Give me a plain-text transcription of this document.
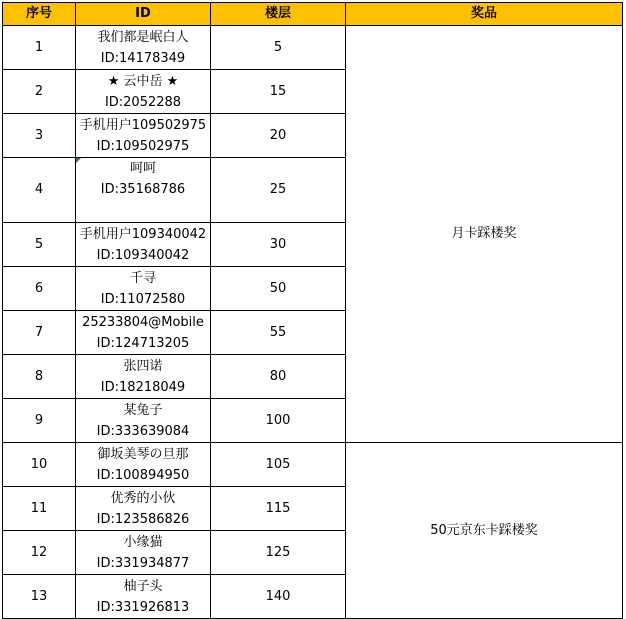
序号	ID	楼层	奖品
1	我们都是岷白人
ID:14178349	5	月卡踩楼奖
2	★ 云中岳 ★
ID:2052288	15	
3	手机用户109502975
ID:109502975	20	
4	呵呵
ID:35168786	25	
5	手机用户109340042
ID:109340042	30	
6	千寻
ID:11072580	50	
7	25233804@Mobile
ID:124713205	55	
8	张四诺
ID:18218049	80	
9	某兔子
ID:333639084	100	
10	御坂美琴の旦那
ID:100894950	105	50元京东卡踩楼奖
11	优秀的小伙
ID:123586826	115	
12	小缘猫
ID:331934877	125	
13	柚子头
ID:331926813	140	
